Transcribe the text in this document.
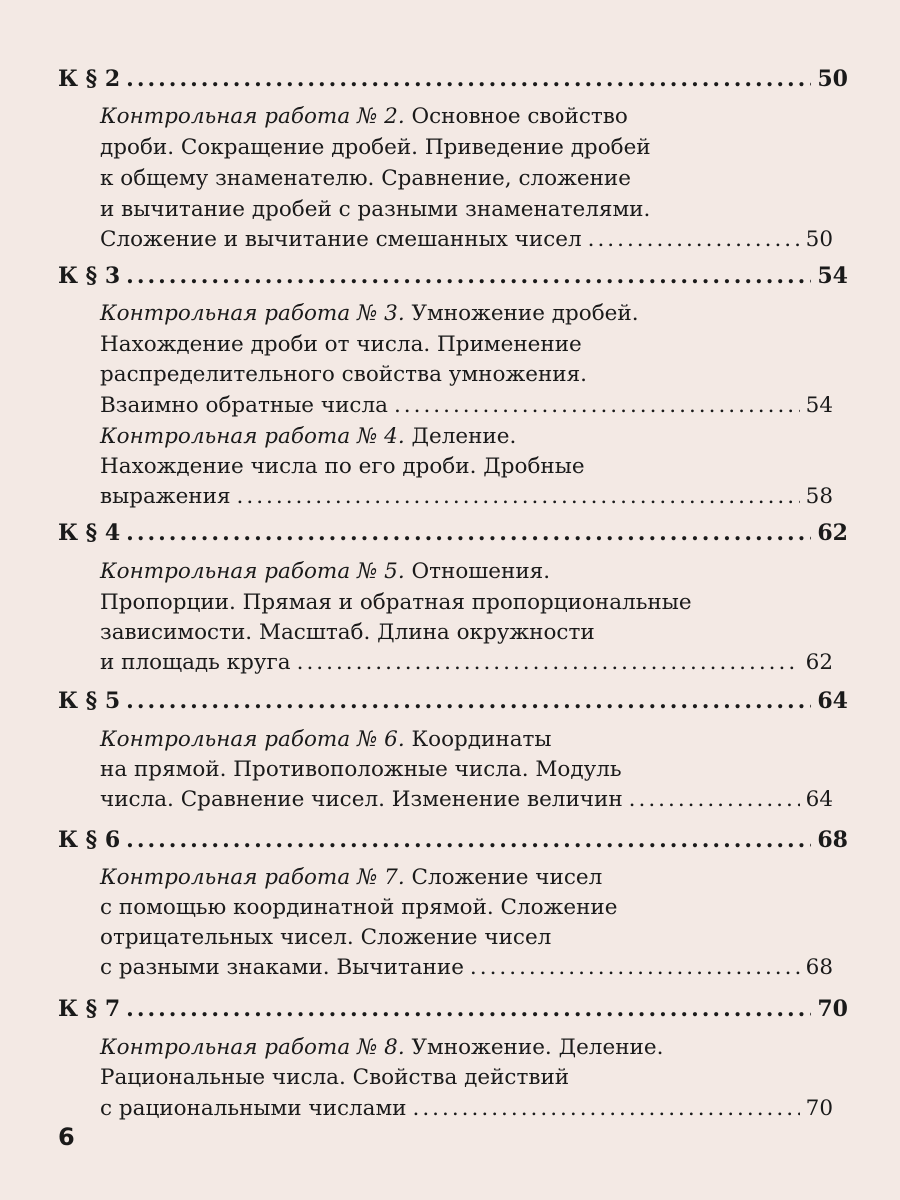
К § 2 .....	50
Контрольная работа № 2.
Основное свойство
дроби. Сокращение дробей. Приведение дробей
к общему знаменателю. Сравнение, сложение
и вычитание дробей с разными знаменателями.
Сложение и вычитание смешанных чисел .....	50
К § 3 .....	54
Контрольная работа № 3.
Умножение дробей.
Нахождение дроби от числа. Применение
распределительного свойства умножения.
Взаимно обратные числа .....	54
Контрольная работа № 4.
Деление.
Нахождение числа по его дроби. Дробные
выражения .....	58
К § 4 .....	62
Контрольная работа № 5.
Отношения.
Пропорции. Прямая и обратная пропорциональные
зависимости. Масштаб. Длина окружности
и площадь круга .....	62
К § 5 .....	64
Контрольная работа № 6.
Координаты
на прямой. Противоположные числа. Модуль
числа. Сравнение чисел. Изменение величин .....	64
К § 6 .....	68
Контрольная работа № 7.
Сложение чисел
с помощью координатной прямой. Сложение
отрицательных чисел. Сложение чисел
с разными знаками. Вычитание .....	68
К § 7 .....	70
Контрольная работа № 8.
Умножение. Деление.
Рациональные числа. Свойства действий
с рациональными числами .....	70
6
